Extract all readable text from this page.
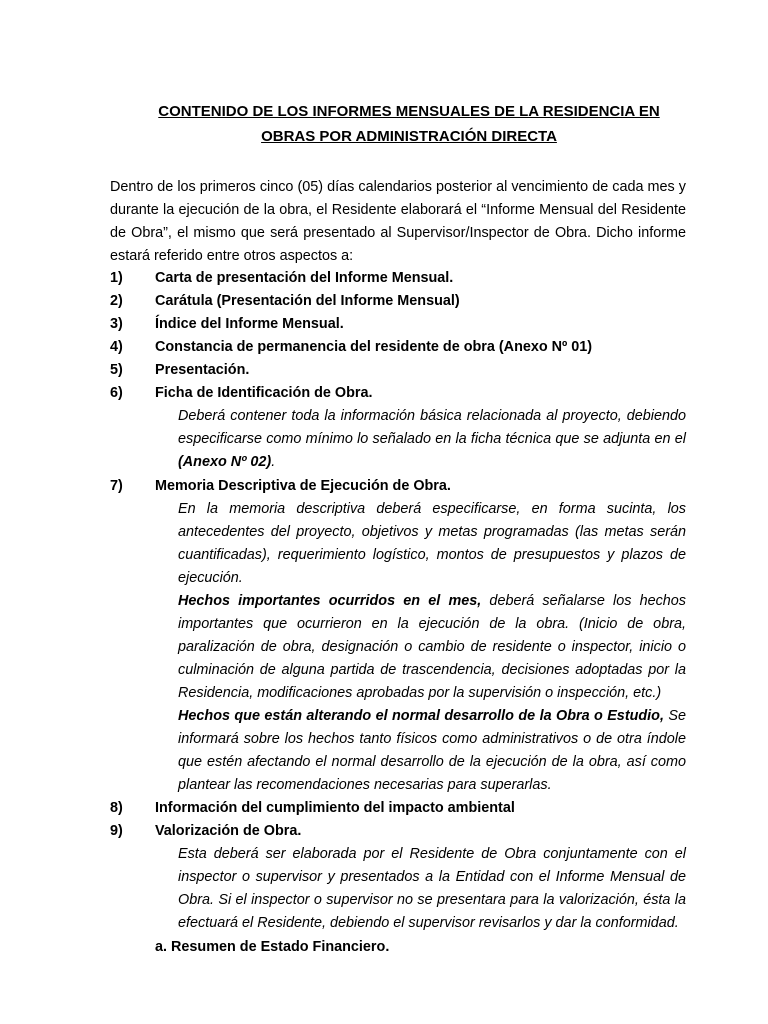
CONTENIDO DE LOS INFORMES MENSUALES DE LA RESIDENCIA EN
OBRAS POR ADMINISTRACIÓN DIRECTA
Dentro de los primeros cinco (05) días calendarios posterior al vencimiento de cada mes y durante la ejecución de la obra, el Residente elaborará el “Informe Mensual del Residente de Obra”, el mismo que será presentado al Supervisor/Inspector de Obra. Dicho informe estará referido entre otros aspectos a:
1) Carta de presentación del Informe Mensual.
2) Carátula (Presentación del Informe Mensual)
3) Índice del Informe Mensual.
4) Constancia de permanencia del residente de obra (Anexo Nº 01)
5) Presentación.
6) Ficha de Identificación de Obra.
Deberá contener toda la información básica relacionada al proyecto, debiendo especificarse como mínimo lo señalado en la ficha técnica que se adjunta en el (Anexo Nº 02).
7) Memoria Descriptiva de Ejecución de Obra.
En la memoria descriptiva deberá especificarse, en forma sucinta, los antecedentes del proyecto, objetivos y metas programadas (las metas serán cuantificadas), requerimiento logístico, montos de presupuestos y plazos de ejecución.
Hechos importantes ocurridos en el mes, deberá señalarse los hechos importantes que ocurrieron en la ejecución de la obra. (Inicio de obra, paralización de obra, designación o cambio de residente o inspector, inicio o culminación de alguna partida de trascendencia, decisiones adoptadas por la Residencia, modificaciones aprobadas por la supervisión o inspección, etc.)
Hechos que están alterando el normal desarrollo de la Obra o Estudio, Se informará sobre los hechos tanto físicos como administrativos o de otra índole que estén afectando el normal desarrollo de la ejecución de la obra, así como plantear las recomendaciones necesarias para superarlas.
8) Información del cumplimiento del impacto ambiental
9) Valorización de Obra.
Esta deberá ser elaborada por el Residente de Obra conjuntamente con el inspector o supervisor y presentados a la Entidad con el Informe Mensual de Obra. Si el inspector o supervisor no se presentara para la valorización, ésta la efectuará el Residente, debiendo el supervisor revisarlos y dar la conformidad.
a. Resumen de Estado Financiero.
